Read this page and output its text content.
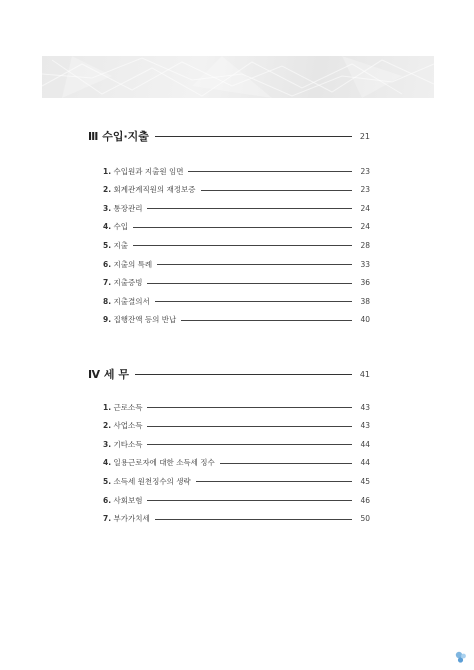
Ⅲ 수입·지출	21
1. 수입원과 지출원 임면	23
2. 회계관계직원의 재정보증	23
3. 통장관리	24
4. 수입	24
5. 지출	28
6. 지출의 특례	33
7. 지출증빙	36
8. 지출결의서	38
9. 집행잔액 등의 반납	40
Ⅳ 세 무	41
1. 근로소득	43
2. 사업소득	43
3. 기타소득	44
4. 일용근로자에 대한 소득세 징수	44
5. 소득세 원천징수의 생략	45
6. 사회보험	46
7. 부가가치세	50
